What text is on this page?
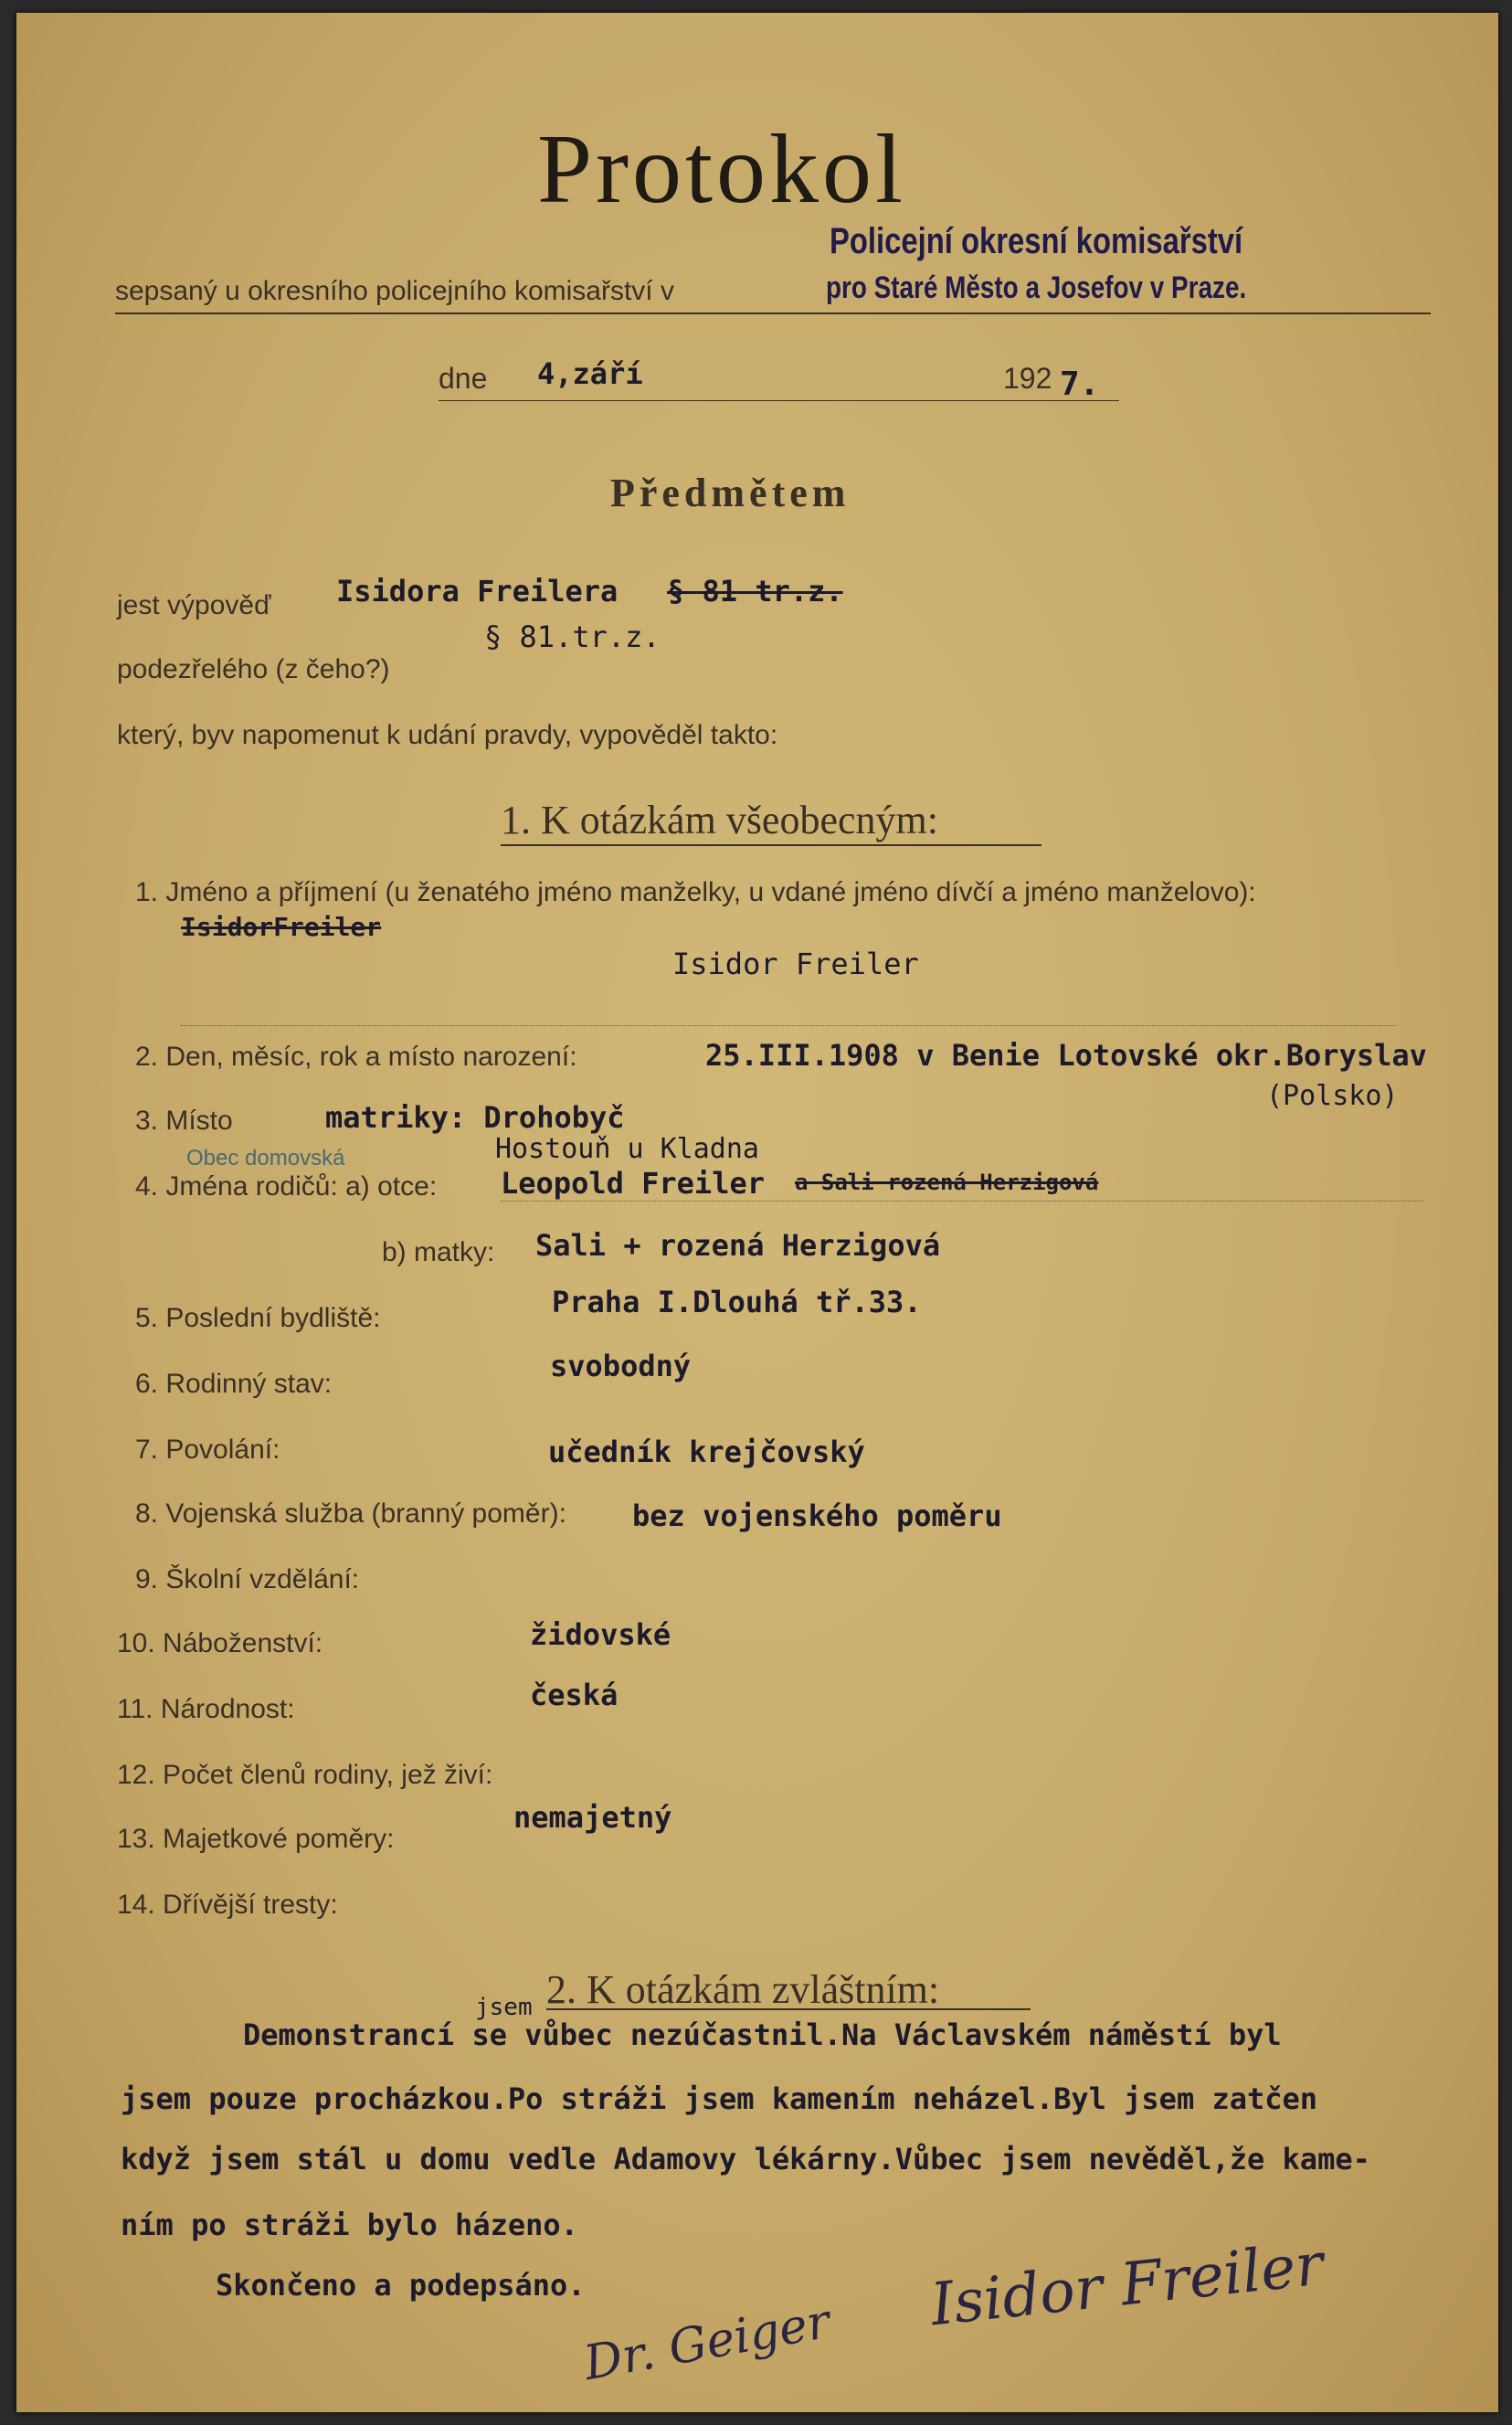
Protokol
Policejní okresní komisařství
sepsaný u okresního policejního komisařství v	pro Staré Město a Josefov v Praze.
dne 4,září	192 7.
Předmětem
jest výpověď Isidora Freilera § 81 tr.z.
§ 81.tr.z.
podezřelého (z čeho?)
který, byv napomenut k udání pravdy, vypověděl takto:
1. K otázkám všeobecným:
1. Jméno a příjmení (u ženatého jméno manželky, u vdané jméno dívčí a jméno manželovo):
IsidorFreiler
Isidor Freiler
2. Den, měsíc, rok a místo narození:	25.III.1908 v Benie Lotovské okr.Boryslav
(Polsko)
3. Místo	matriky: Drohobyč
Obec domovská	Hostouň u Kladna
4. Jména rodičů: a) otce: Leopold Freiler a Sali rozená Herzigová
b) matky: Sali + rozená Herzigová
5. Poslední bydliště:	Praha I.Dlouhá tř.33.
6. Rodinný stav:
svobodný
7. Povolání:	učedník krejčovský
8. Vojenská služba (branný poměr): bez vojenského poměru
9. Školní vzdělání:
10. Náboženství:	židovské
11. Národnost:	česká
12. Počet členů rodiny, jež živí:
13. Majetkové poměry:
nemajetný
14. Dřívější tresty:
2. K otázkám zvláštním:
jsem
Demonstrancí se vůbec nezúčastnil.Na Václavském náměstí byl
jsem pouze procházkou.Po stráži jsem kamením neházel.Byl jsem zatčen
když jsem stál u domu vedle Adamovy lékárny.Vůbec jsem nevěděl,že kame-
ním po stráži bylo házeno.
Skončeno a podepsáno.	Isidor Freiler
Dr. Geiger
